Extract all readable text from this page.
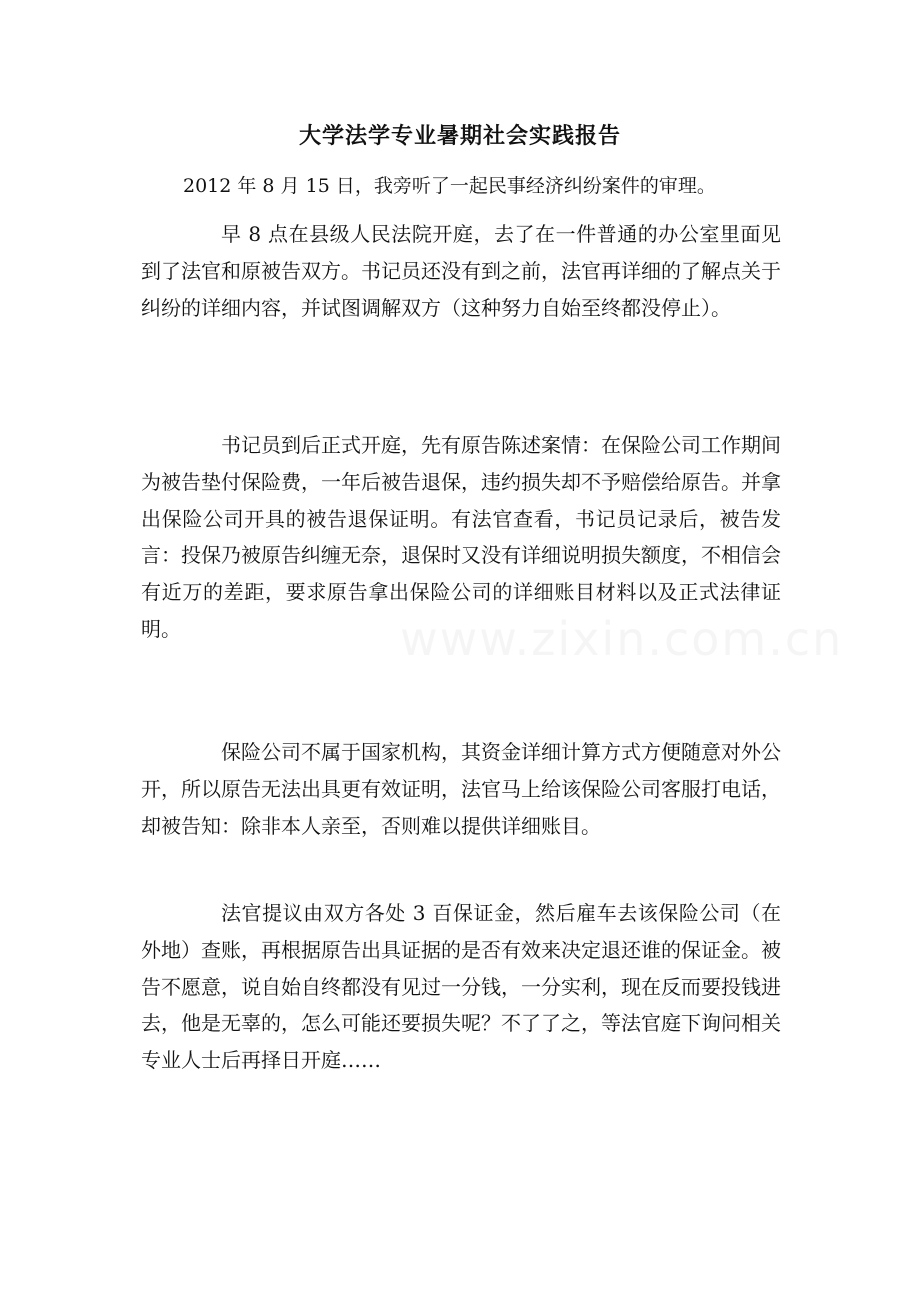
大学法学专业暑期社会实践报告
2012 年 8 月 15 日，我旁听了一起民事经济纠纷案件的审理。

早 8 点在县级人民法院开庭，去了在一件普通的办公室里面见到了法官和原被告双方。书记员还没有到之前，法官再详细的了解点关于纠纷的详细内容，并试图调解双方（这种努力自始至终都没停止）。

书记员到后正式开庭，先有原告陈述案情：在保险公司工作期间为被告垫付保险费，一年后被告退保，违约损失却不予赔偿给原告。并拿出保险公司开具的被告退保证明。有法官查看，书记员记录后，被告发言：投保乃被原告纠缠无奈，退保时又没有详细说明损失额度，不相信会有近万的差距，要求原告拿出保险公司的详细账目材料以及正式法律证明。

保险公司不属于国家机构，其资金详细计算方式方便随意对外公开，所以原告无法出具更有效证明，法官马上给该保险公司客服打电话，却被告知：除非本人亲至，否则难以提供详细账目。

法官提议由双方各处 3 百保证金，然后雇车去该保险公司（在外地）查账，再根据原告出具证据的是否有效来决定退还谁的保证金。被告不愿意，说自始自终都没有见过一分钱，一分实利，现在反而要投钱进去，他是无辜的，怎么可能还要损失呢？不了了之，等法官庭下询问相关专业人士后再择日开庭……

www.zixin.com.cn
